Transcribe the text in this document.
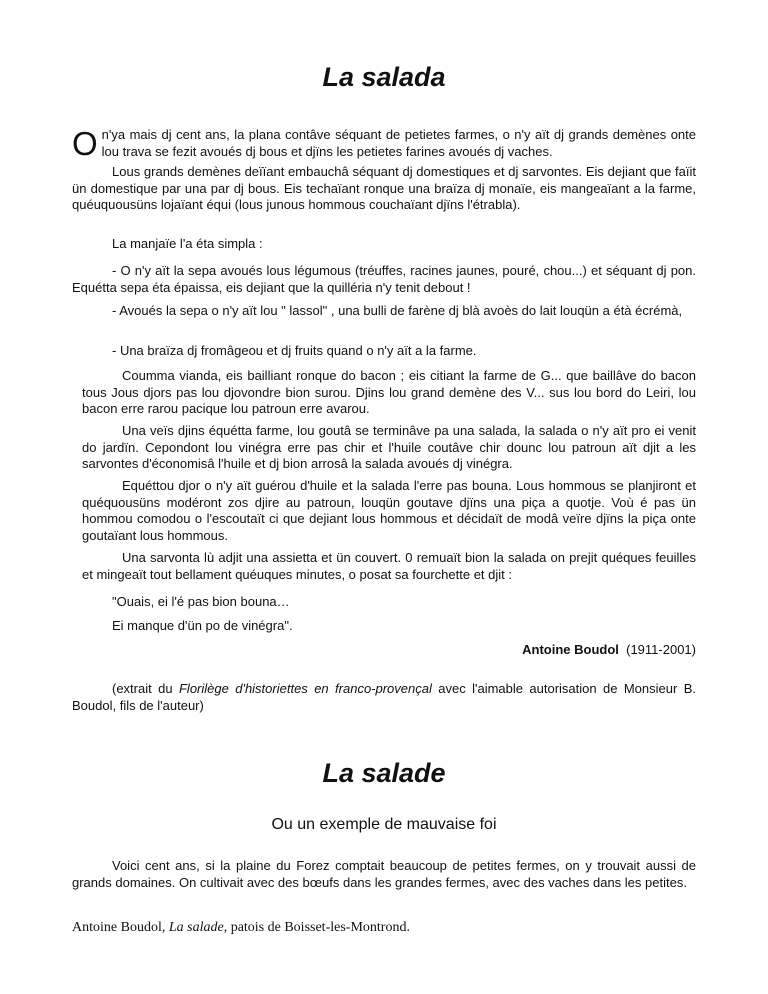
La salada
O n'ya mais dj cent ans, la plana contâve séquant de petietes farmes, o n'y aït dj grands demènes onte lou trava se fezit avoués dj bous et djïns les petietes farines avoués dj vaches.

Lous grands demènes deïïant embauchâ séquant dj domestiques et dj sarvontes. Eis dejiant que faïit ün domestique par una par dj bous. Eis techaïant ronque una braïza dj monaïe, eis mangeaïant a la farme, quéuquousüns lojaïant équi (lous junous hommous couchaïant djïns l'étrabla).

La manjaïe l'a éta simpla :

- O n'y aït la sepa avoués lous légumous (tréuffes, racines jaunes, pouré, chou...) et séquant dj pon. Equétta sepa éta épaissa, eis dejiant que la quilléria n'y tenit debout !

- Avoués la sepa o n'y aït lou " lassol" , una bulli de farène dj blà avoès do lait louqün a étà écrémà,

- Una braïza dj fromâgeou et dj fruits quand o n'y aït a la farme.

Coumma vianda, eis bailliant ronque do bacon ; eis citiant la farme de G... que baillâve do bacon tous Jous djors pas lou djovondre bion surou. Djins lou grand demène des V... sus lou bord do Leiri, lou bacon erre rarou pacique lou patroun erre avarou.

Una veïs djins équétta farme, lou goutâ se terminâve pa una salada, la salada o n'y aït pro ei venit do jardïn. Cepondont lou vinégra erre pas chir et l'huile coutâve chir dounc lou patroun aït djit a les sarvontes d'économisâ l'huile et dj bion arrosâ la salada avoués dj vinégra.

Equéttou djor o n'y aït guérou d'huile et la salada l'erre pas bouna. Lous hommous se planjiront et quéquousüns modéront zos djire au patroun, louqün goutave djïns una piça a quotje. Voù é pas ün hommou comodou o l'escoutaït ci que dejiant lous hommous et décidaït de modâ veïre djïns la piça onte goutaïant lous hommous.

Una sarvonta lù adjit una assietta et ün couvert. 0 remuaït bion la salada on prejit quéques feuilles et mingeaït tout bellament quéuques minutes, o posat sa fourchette et djit :

"Ouais, ei l'é pas bion bouna…

Ei manque d'ün po de vinégra".

Antoine Boudol (1911-2001)

(extrait du Florilège d'historiettes en franco-provençal avec l'aimable autorisation de Monsieur B. Boudol, fils de l'auteur)

La salade
Ou un exemple de mauvaise foi

Voici cent ans, si la plaine du Forez comptait beaucoup de petites fermes, on y trouvait aussi de grands domaines. On cultivait avec des bœufs dans les grandes fermes, avec des vaches dans les petites.

Antoine Boudol, La salade, patois de Boisset-les-Montrond.
